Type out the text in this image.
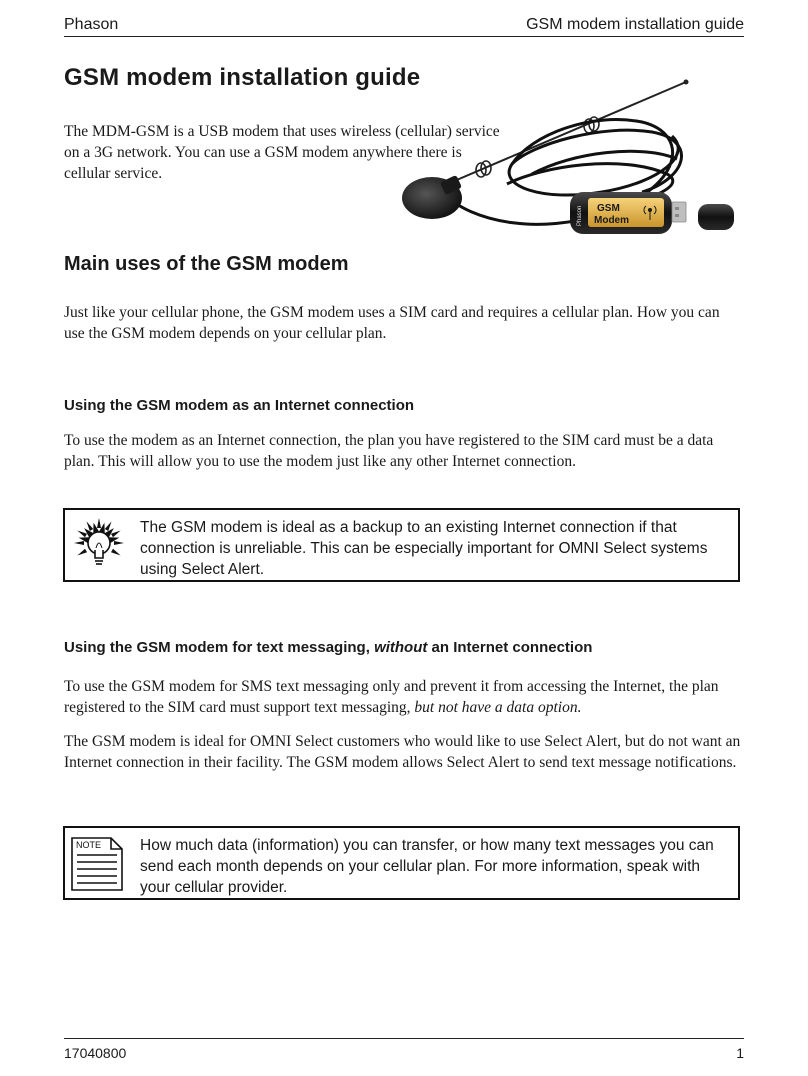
Phason	GSM modem installation guide
GSM modem installation guide

The MDM-GSM is a USB modem that uses wireless (cellular) service on a 3G network. You can use a GSM modem anywhere there is cellular service.

Phason GSM
Modem
Main uses of the GSM modem

Just like your cellular phone, the GSM modem uses a SIM card and requires a cellular plan. How you can use the GSM modem depends on your cellular plan.

Using the GSM modem as an Internet connection

To use the modem as an Internet connection, the plan you have registered to the SIM card must be a data plan. This will allow you to use the modem just like any other Internet connection.

The GSM modem is ideal as a backup to an existing Internet connection if that connection is unreliable. This can be especially important for OMNI Select systems using Select Alert.

Using the GSM modem for text messaging, without an Internet connection

To use the GSM modem for SMS text messaging only and prevent it from accessing the Internet, the plan registered to the SIM card must support text messaging, but not have a data option.

The GSM modem is ideal for OMNI Select customers who would like to use Select Alert, but do not want an Internet connection in their facility. The GSM modem allows Select Alert to send text message notifications.

NOTE	How much data (information) you can transfer, or how many text messages you can send each month depends on your cellular plan. For more information, speak with your cellular provider.

17040800	1
